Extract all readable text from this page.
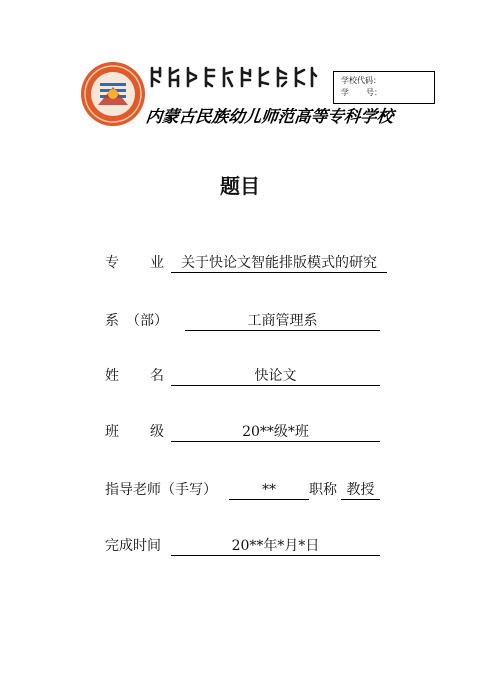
ᠥᠪᠦᠷ ᠮᠣᠩᠭᠣᠯ
内蒙古民族幼儿师范高等专科学校
学校代码：
学 号：
题目
专 业	关于快论文智能排版模式的研究
系　（部）	工商管理系
姓 名	快论文
班 级	20**级*班
指导老师（手写）	**	职称 教授
完成时间	20**年*月*日
